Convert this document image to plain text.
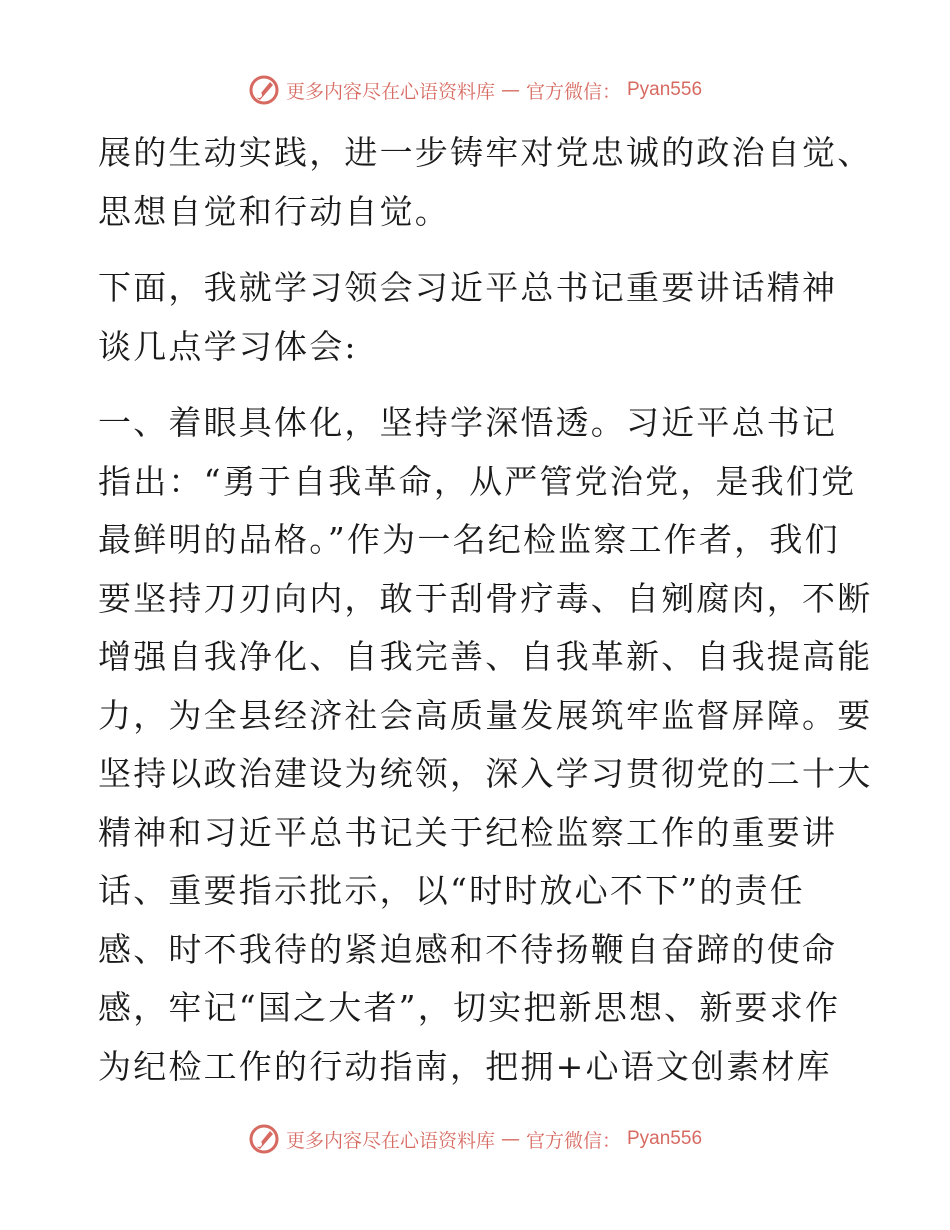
更多内容尽在心语资料库 — 官方微信： Pyan556

展的生动实践，进一步铸牢对党忠诚的政治自觉、
思想自觉和行动自觉。

下面，我就学习领会习近平总书记重要讲话精神
谈几点学习体会:

一、着眼具体化，坚持学深悟透。习近平总书记
指出：“勇于自我革命，从严管党治党，是我们党
最鲜明的品格。”作为一名纪检监察工作者，我们
要坚持刀刃向内，敢于刮骨疗毒、自剜腐肉，不断
增强自我净化、自我完善、自我革新、自我提高能
力，为全县经济社会高质量发展筑牢监督屏障。要
坚持以政治建设为统领，深入学习贯彻党的二十大
精神和习近平总书记关于纪检监察工作的重要讲
话、重要指示批示，以“时时放心不下”的责任
感、时不我待的紧迫感和不待扬鞭自奋蹄的使命
感，牢记“国之大者”，切实把新思想、新要求作
为纪检工作的行动指南，把拥+心语文创素材库

更多内容尽在心语资料库 — 官方微信： Pyan556
